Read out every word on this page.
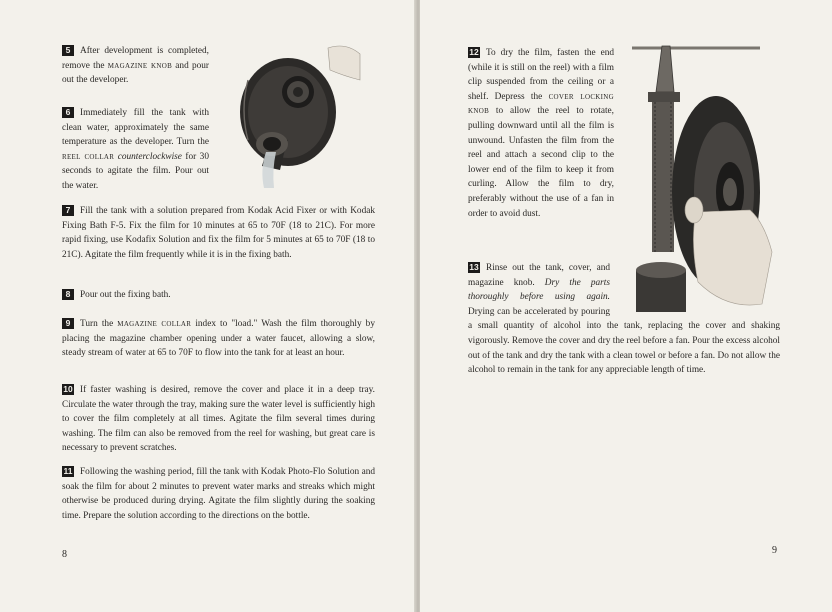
5 After development is completed, remove the magazine knob and pour out the developer.

6 Immediately fill the tank with clean water, approximately the same temperature as the developer. Turn the reel collar counterclockwise for 30 seconds to agitate the film. Pour out the water.

7 Fill the tank with a solution prepared from Kodak Acid Fixer or with Kodak Fixing Bath F-5. Fix the film for 10 minutes at 65 to 70F (18 to 21C). For more rapid fixing, use Kodafix Solution and fix the film for 5 minutes at 65 to 70F (18 to 21C). Agitate the film frequently while it is in the fixing bath.

8 Pour out the fixing bath.

9 Turn the magazine collar index to "load." Wash the film thoroughly by placing the magazine chamber opening under a water faucet, allowing a slow, steady stream of water at 65 to 70F to flow into the tank for at least an hour.

10 If faster washing is desired, remove the cover and place it in a deep tray. Circulate the water through the tray, making sure the water level is sufficiently high to cover the film completely at all times. Agitate the film several times during washing. The film can also be removed from the reel for washing, but great care is necessary to prevent scratches.

11 Following the washing period, fill the tank with Kodak Photo-Flo Solution and soak the film for about 2 minutes to prevent water marks and streaks which might otherwise be produced during drying. Agitate the film slightly during the soaking time. Prepare the solution according to the directions on the bottle.

8

12 To dry the film, fasten the end (while it is still on the reel) with a film clip suspended from the ceiling or a shelf. Depress the cover locking knob to allow the reel to rotate, pulling downward until all the film is unwound. Unfasten the film from the reel and attach a second clip to the lower end of the film to keep it from curling. Allow the film to dry, preferably without the use of a fan in order to avoid dust.

13 Rinse out the tank, cover, and magazine knob. Dry the parts thoroughly before using again. Drying can be accelerated by pouring a small quantity of alcohol into the tank, replacing the cover and shaking vigorously. Remove the cover and dry the reel before a fan. Pour the excess alcohol out of the tank and dry the tank with a clean towel or before a fan. Do not allow the alcohol to remain in the tank for any appreciable length of time.

9
